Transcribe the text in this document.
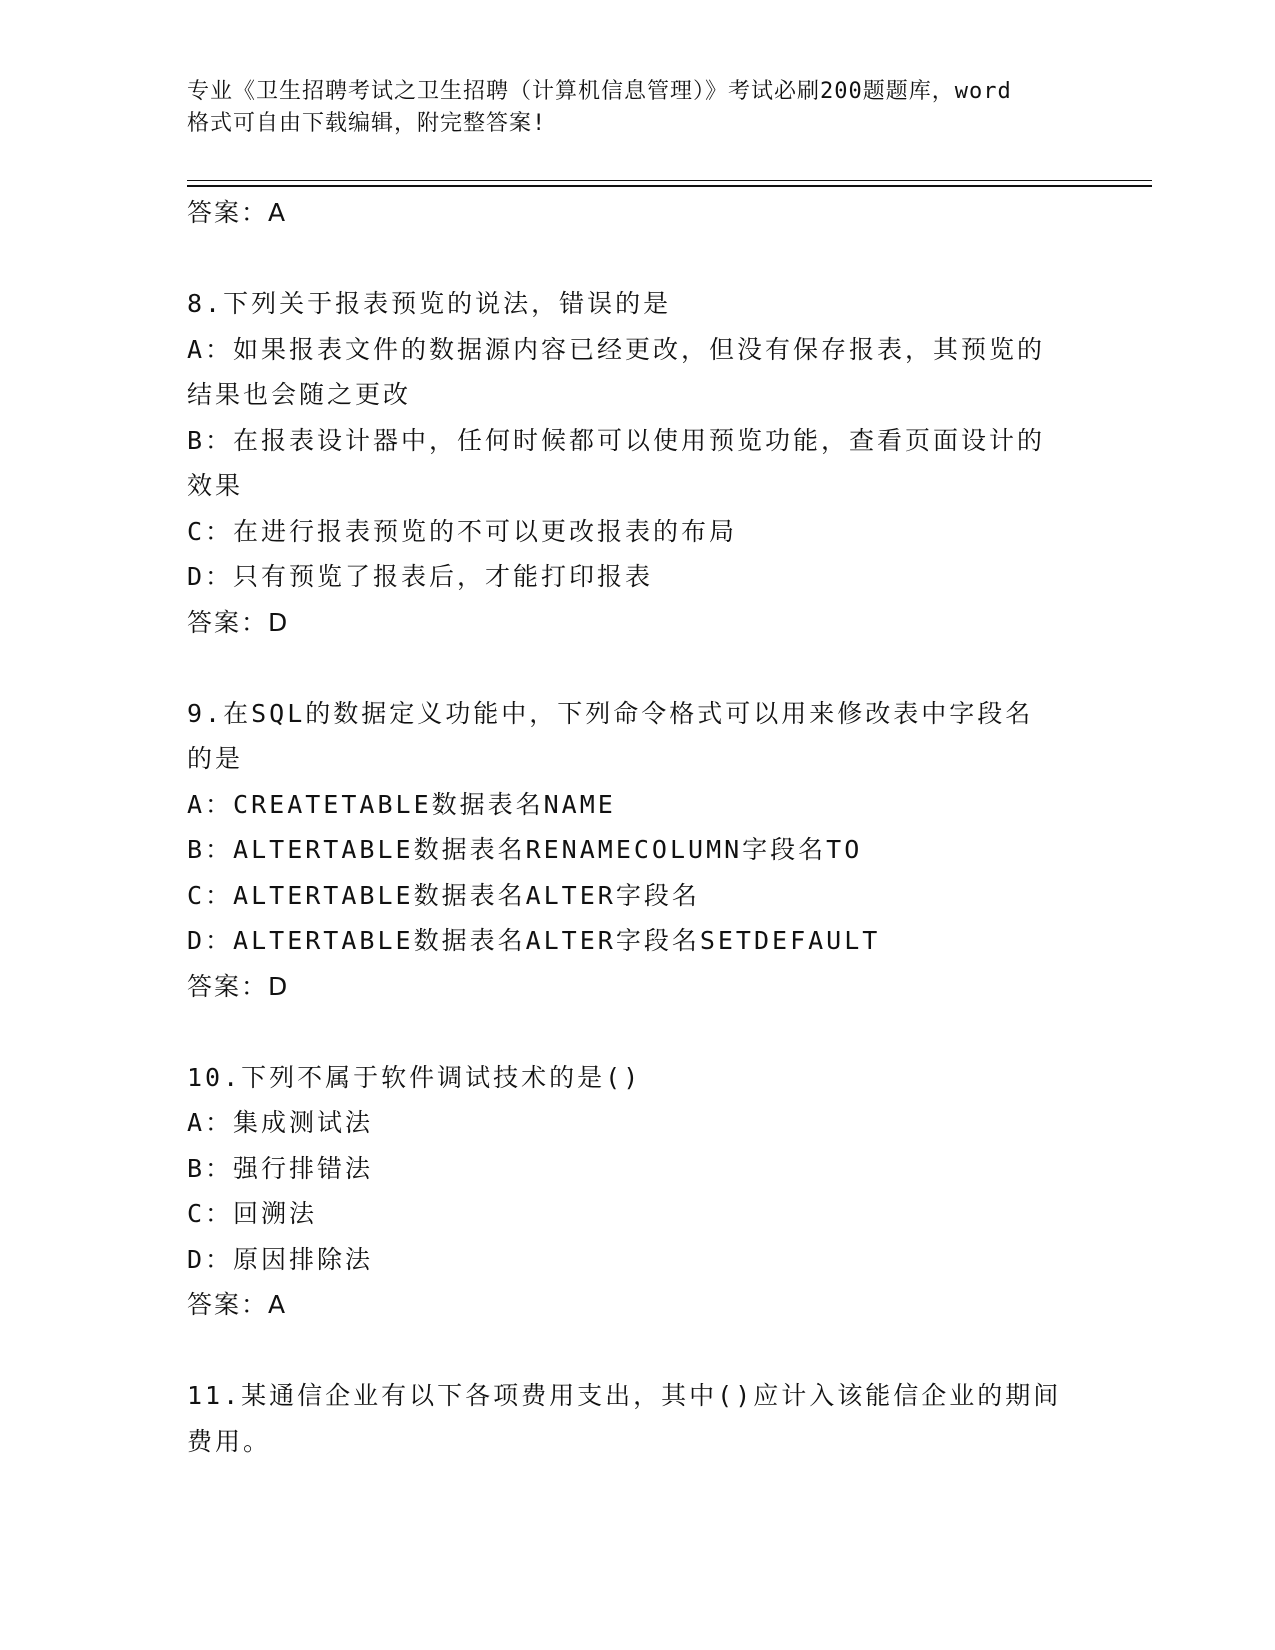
专业《卫生招聘考试之卫生招聘（计算机信息管理）》考试必刷200题题库，word
格式可自由下载编辑，附完整答案!
答案：A
8.下列关于报表预览的说法，错误的是
A：如果报表文件的数据源内容已经更改，但没有保存报表，其预览的
结果也会随之更改
B：在报表设计器中，任何时候都可以使用预览功能，查看页面设计的
效果
C：在进行报表预览的不可以更改报表的布局
D：只有预览了报表后，才能打印报表
答案：D
9.在SQL的数据定义功能中，下列命令格式可以用来修改表中字段名
的是
A：CREATETABLE数据表名NAME
B：ALTERTABLE数据表名RENAMECOLUMN字段名TO
C：ALTERTABLE数据表名ALTER字段名
D：ALTERTABLE数据表名ALTER字段名SETDEFAULT
答案：D
10.下列不属于软件调试技术的是()
A：集成测试法
B：强行排错法
C：回溯法
D：原因排除法
答案：A
11.某通信企业有以下各项费用支出，其中()应计入该能信企业的期间
费用。
